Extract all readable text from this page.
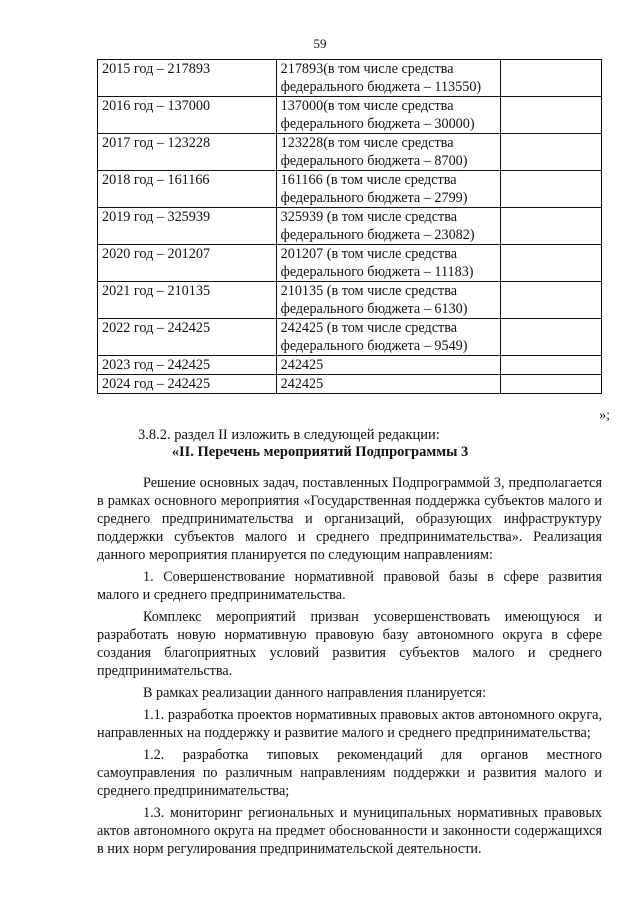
59
2015 год – 217893	217893(в том числе средства
федерального бюджета – 113550)	

2016 год – 137000	137000(в том числе средства
федерального бюджета – 30000)	

2017 год – 123228	123228(в том числе средства
федерального бюджета – 8700)	

2018 год – 161166	161166 (в том числе средства
федерального бюджета – 2799)	

2019 год – 325939	325939 (в том числе средства
федерального бюджета – 23082)	

2020 год – 201207	201207 (в том числе средства
федерального бюджета – 11183)	

2021 год – 210135	210135 (в том числе средства
федерального бюджета – 6130)	

2022 год – 242425	242425 (в том числе средства
федерального бюджета – 9549)	

2023 год – 242425	242425	

2024 год – 242425	242425	

»;
3.8.2. раздел II изложить в следующей редакции:
«II. Перечень мероприятий Подпрограммы 3

Решение основных задач, поставленных Подпрограммой 3, предполагается в рамках основного мероприятия «Государственная поддержка субъектов малого и среднего предпринимательства и организаций, образующих инфраструктуру поддержки субъектов малого и среднего предпринимательства». Реализация данного мероприятия планируется по следующим направлениям:

1. Совершенствование нормативной правовой базы в сфере развития малого и среднего предпринимательства.

Комплекс мероприятий призван усовершенствовать имеющуюся и разработать новую нормативную правовую базу автономного округа в сфере создания благоприятных условий развития субъектов малого и среднего предпринимательства.

В рамках реализации данного направления планируется:

1.1. разработка проектов нормативных правовых актов автономного округа, направленных на поддержку и развитие малого и среднего предпринимательства;

1.2. разработка типовых рекомендаций для органов местного самоуправления по различным направлениям поддержки и развития малого и среднего предпринимательства;

1.3. мониторинг региональных и муниципальных нормативных правовых актов автономного округа на предмет обоснованности и законности содержащихся в них норм регулирования предпринимательской деятельности.
